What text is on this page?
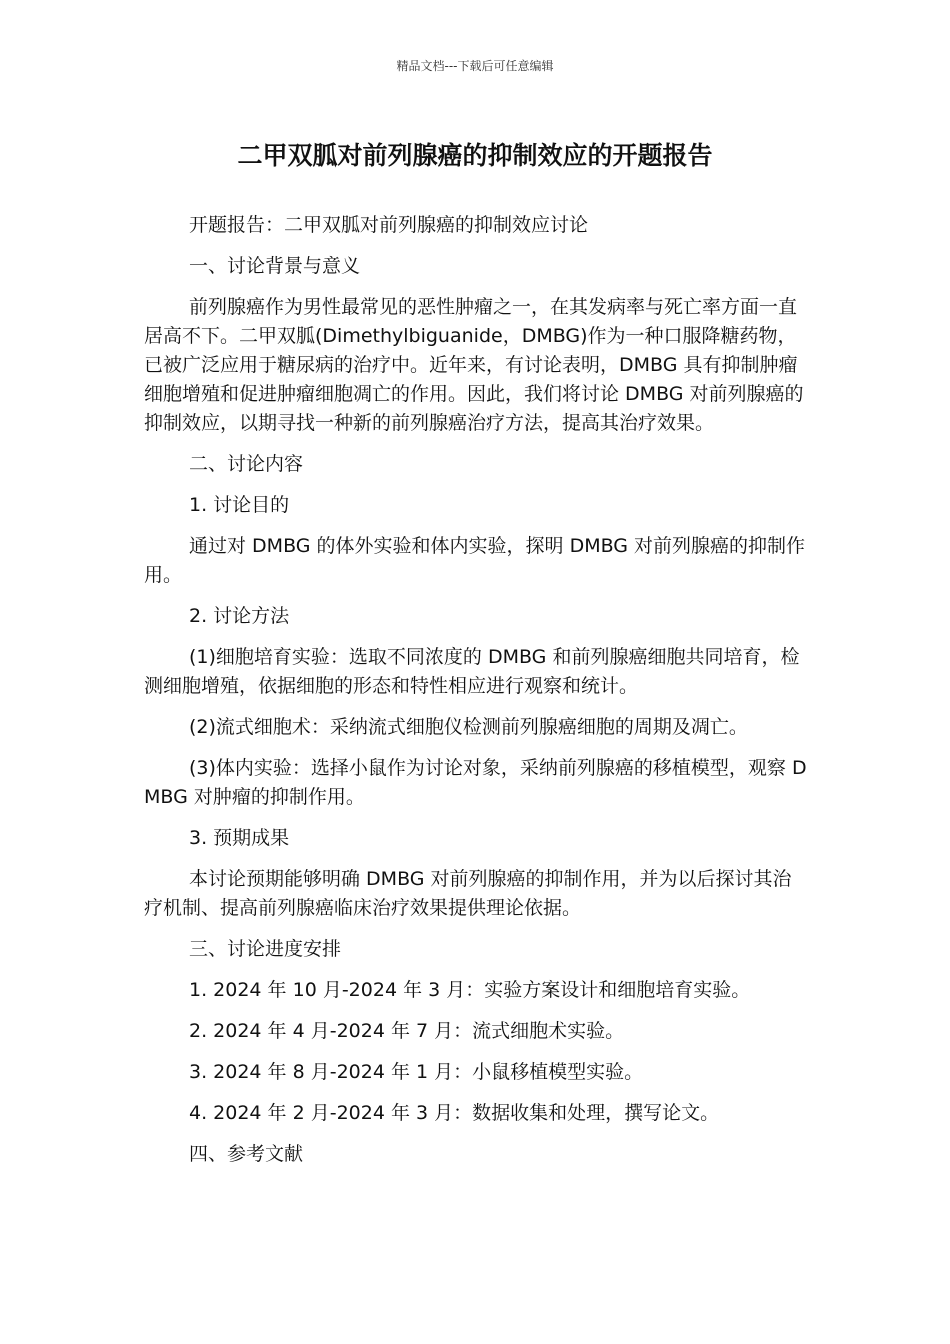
精品文档---下载后可任意编辑
二甲双胍对前列腺癌的抑制效应的开题报告

开题报告：二甲双胍对前列腺癌的抑制效应讨论

一、讨论背景与意义

前列腺癌作为男性最常见的恶性肿瘤之一，在其发病率与死亡率方面一直居高不下。二甲双胍(Dimethylbiguanide，DMBG)作为一种口服降糖药物，已被广泛应用于糖尿病的治疗中。近年来，有讨论表明，DMBG 具有抑制肿瘤细胞增殖和促进肿瘤细胞凋亡的作用。因此，我们将讨论 DMBG 对前列腺癌的抑制效应，以期寻找一种新的前列腺癌治疗方法，提高其治疗效果。

二、讨论内容

1. 讨论目的

通过对 DMBG 的体外实验和体内实验，探明 DMBG 对前列腺癌的抑制作用。

2. 讨论方法

(1)细胞培育实验：选取不同浓度的 DMBG 和前列腺癌细胞共同培育，检测细胞增殖，依据细胞的形态和特性相应进行观察和统计。

(2)流式细胞术：采纳流式细胞仪检测前列腺癌细胞的周期及凋亡。

(3)体内实验：选择小鼠作为讨论对象，采纳前列腺癌的移植模型，观察 DMBG 对肿瘤的抑制作用。

3. 预期成果

本讨论预期能够明确 DMBG 对前列腺癌的抑制作用，并为以后探讨其治疗机制、提高前列腺癌临床治疗效果提供理论依据。

三、讨论进度安排

1. 2024 年 10 月-2024 年 3 月：实验方案设计和细胞培育实验。

2. 2024 年 4 月-2024 年 7 月：流式细胞术实验。

3. 2024 年 8 月-2024 年 1 月：小鼠移植模型实验。

4. 2024 年 2 月-2024 年 3 月：数据收集和处理，撰写论文。

四、参考文献
